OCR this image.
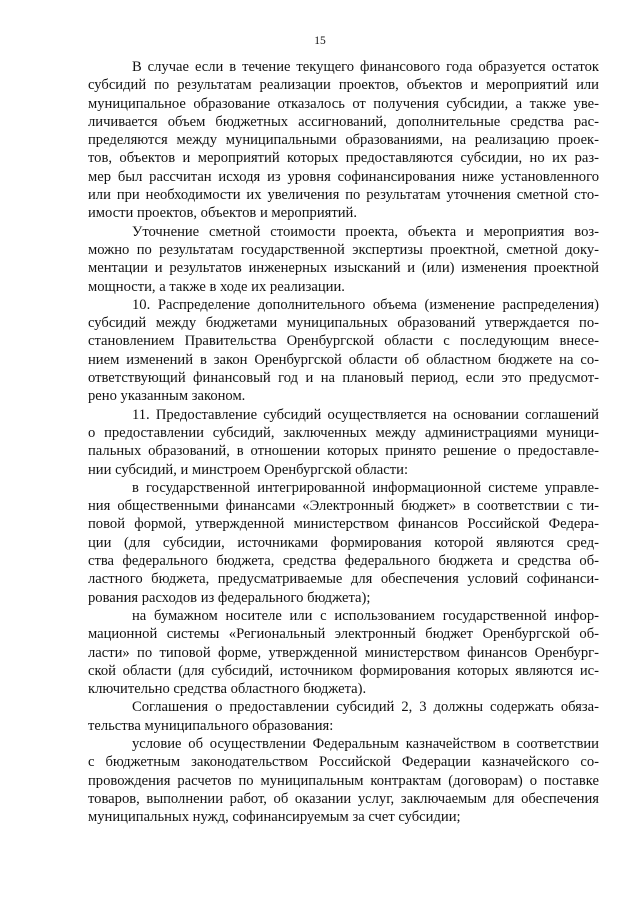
15
В случае если в течение текущего финансового года образуется остаток
субсидий по результатам реализации проектов, объектов и мероприятий или
муниципальное образование отказалось от получения субсидии, а также уве-
личивается объем бюджетных ассигнований, дополнительные средства рас-
пределяются между муниципальными образованиями, на реализацию проек-
тов, объектов и мероприятий которых предоставляются субсидии, но их раз-
мер был рассчитан исходя из уровня софинансирования ниже установленного
или при необходимости их увеличения по результатам уточнения сметной сто-
имости проектов, объектов и мероприятий.
Уточнение сметной стоимости проекта, объекта и мероприятия воз-
можно по результатам государственной экспертизы проектной, сметной доку-
ментации и результатов инженерных изысканий и (или) изменения проектной
мощности, а также в ходе их реализации.
10. Распределение дополнительного объема (изменение распределения)
субсидий между бюджетами муниципальных образований утверждается по-
становлением Правительства Оренбургской области с последующим внесе-
нием изменений в закон Оренбургской области об областном бюджете на со-
ответствующий финансовый год и на плановый период, если это предусмот-
рено указанным законом.
11. Предоставление субсидий осуществляется на основании соглашений
о предоставлении субсидий, заключенных между администрациями муници-
пальных образований, в отношении которых принято решение о предоставле-
нии субсидий, и минстроем Оренбургской области:
в государственной интегрированной информационной системе управле-
ния общественными финансами «Электронный бюджет» в соответствии с ти-
повой формой, утвержденной министерством финансов Российской Федера-
ции (для субсидии, источниками формирования которой являются сред-
ства федерального бюджета, средства федерального бюджета и средства об-
ластного бюджета, предусматриваемые для обеспечения условий софинанси-
рования расходов из федерального бюджета);
на бумажном носителе или с использованием государственной инфор-
мационной системы «Региональный электронный бюджет Оренбургской об-
ласти» по типовой форме, утвержденной министерством финансов Оренбург-
ской области (для субсидий, источником формирования которых являются ис-
ключительно средства областного бюджета).
Соглашения о предоставлении субсидий 2, 3 должны содержать обяза-
тельства муниципального образования:
условие об осуществлении Федеральным казначейством в соответствии
с бюджетным законодательством Российской Федерации казначейского со-
провождения расчетов по муниципальным контрактам (договорам) о поставке
товаров, выполнении работ, об оказании услуг, заключаемым для обеспечения
муниципальных нужд, софинансируемым за счет субсидии;
